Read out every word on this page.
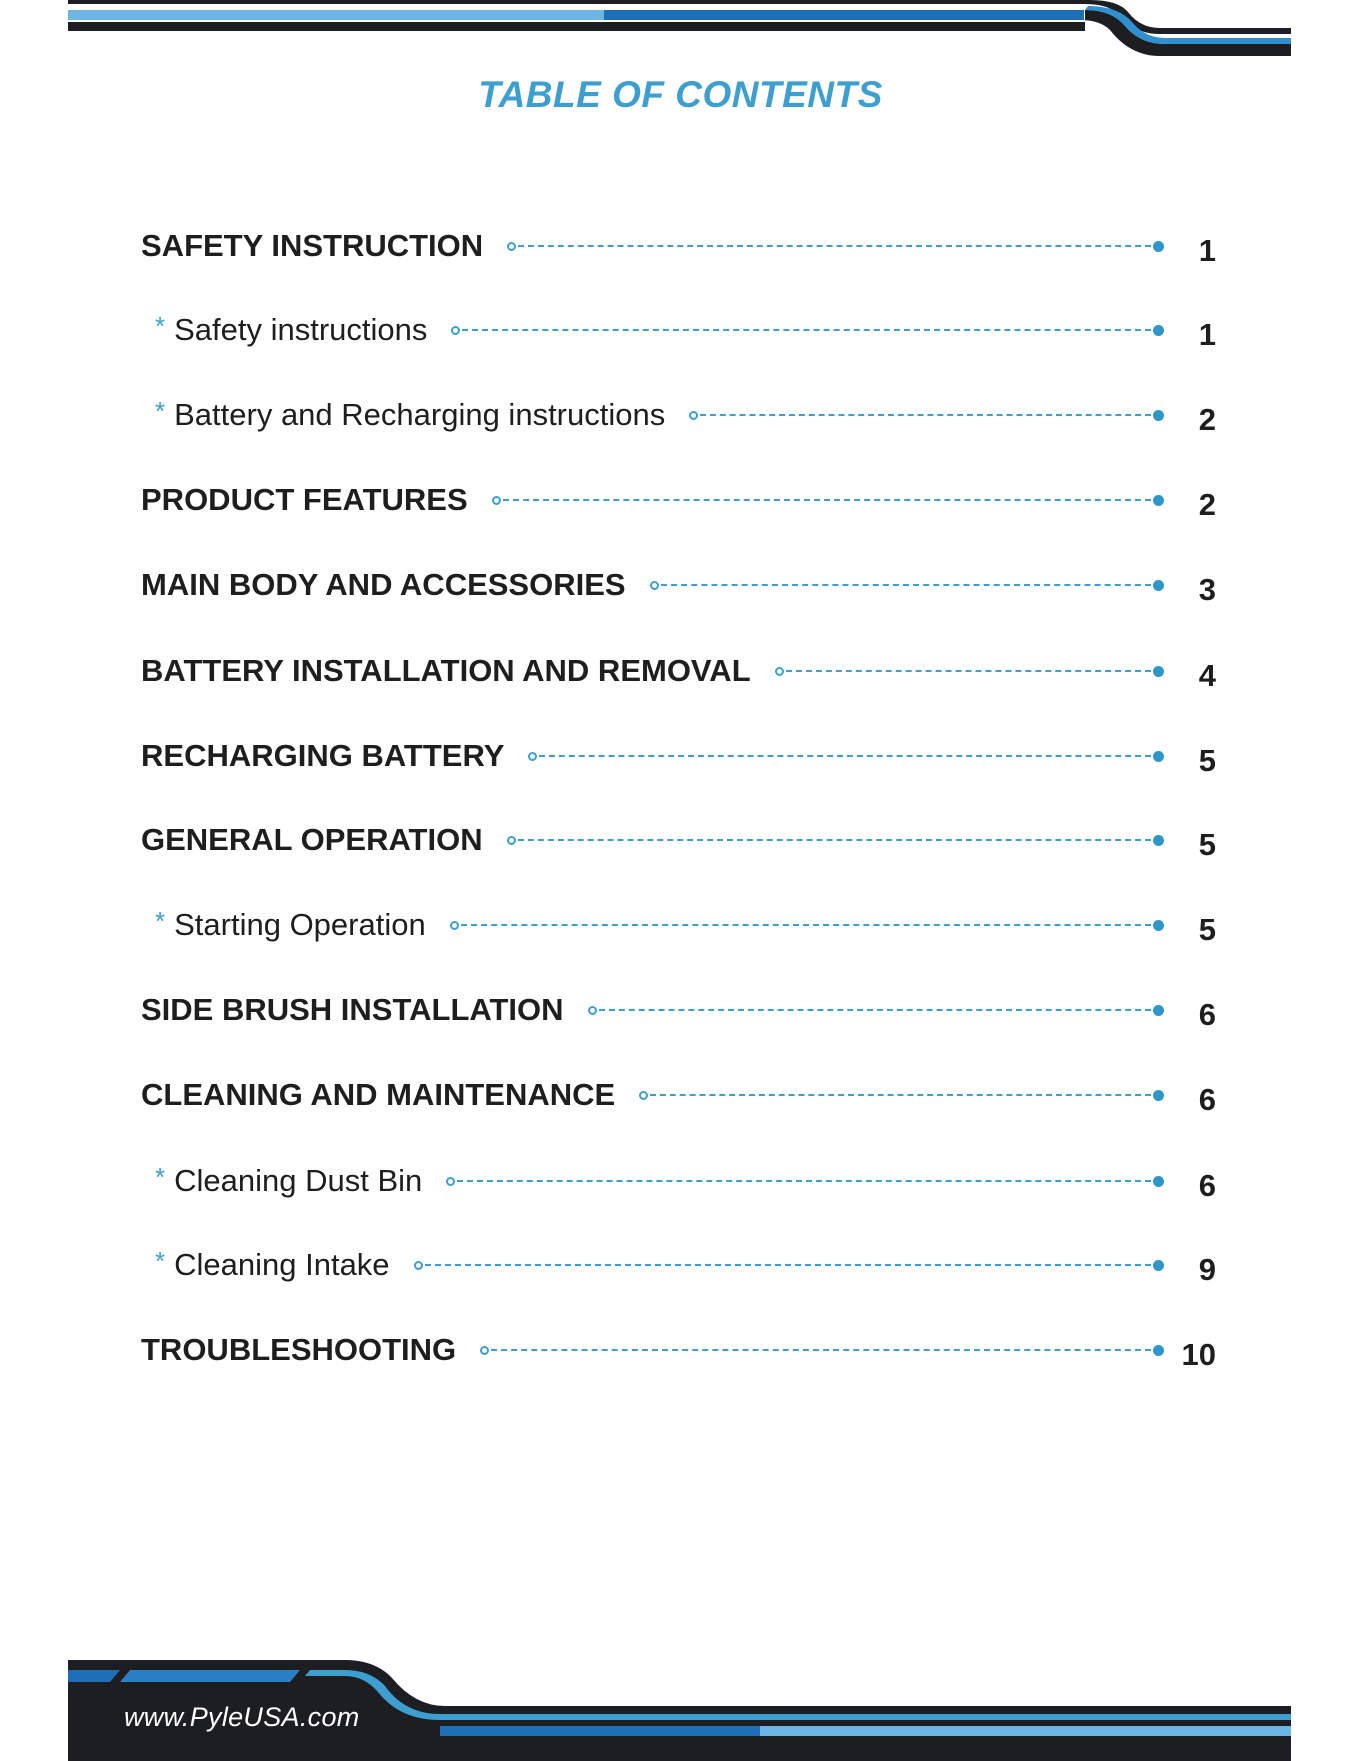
TABLE OF CONTENTS
SAFETY INSTRUCTION	1
* Safety instructions	1
* Battery and Recharging instructions	2
PRODUCT FEATURES	2
MAIN BODY AND ACCESSORIES	3
BATTERY INSTALLATION AND REMOVAL	4
RECHARGING BATTERY	5
GENERAL OPERATION	5
* Starting Operation	5
SIDE BRUSH INSTALLATION	6
CLEANING AND MAINTENANCE	6
* Cleaning Dust Bin	6
* Cleaning Intake	9
TROUBLESHOOTING	10
www.PyleUSA.com
